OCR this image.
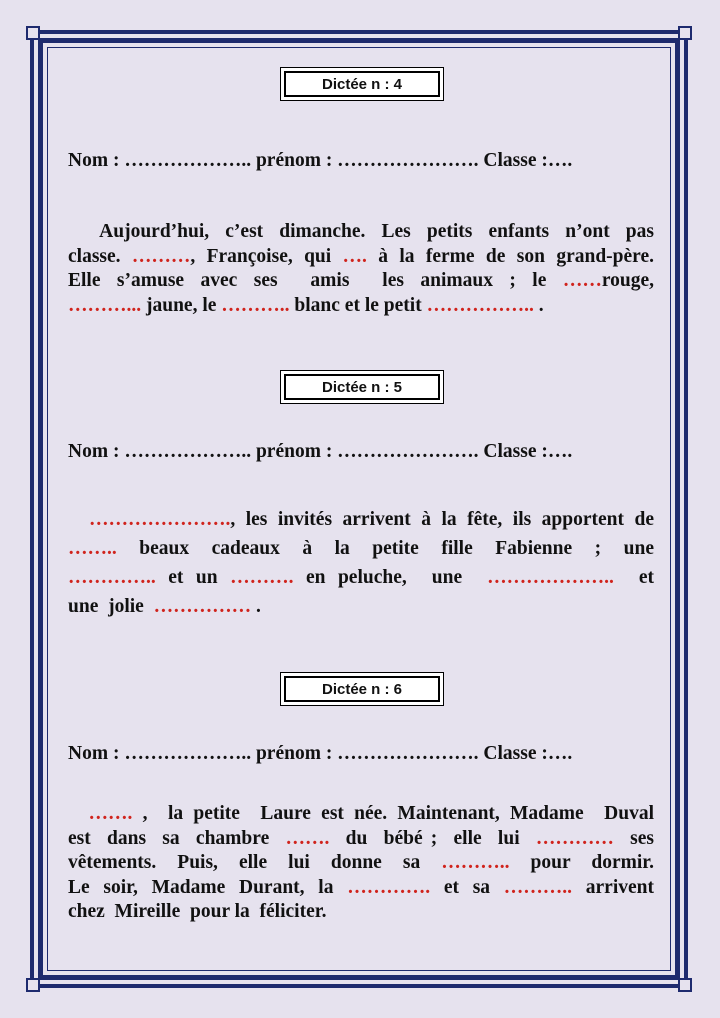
Dictée n : 4
Nom : ……………….. prénom : …………………. Classe :….
Aujourd’hui, c’est dimanche. Les petits enfants n’ont pas
classe. ………, Françoise, qui …. à la ferme de son grand-père.
Elle s’amuse avec ses  amis  les animaux ; le ……rouge,
………... jaune, le ……….. blanc et le petit …………….. .
Dictée n : 5
Nom : ……………….. prénom : …………………. Classe :….
…………………., les invités arrivent à la fête, ils apportent de
……..  beaux  cadeaux  à  la  petite  fille  Fabienne  ;  une
………….. et un ………. en peluche,  une  ………………..  et
une  jolie  …………… .
Dictée n : 6
Nom : ……………….. prénom : …………………. Classe :….
……. ,  la petite  Laure est née. Maintenant, Madame  Duval
est  dans  sa  chambre  …….  du  bébé ;  elle  lui  …………  ses
vêtements. Puis, elle lui donne sa ……….. pour dormir.
Le soir, Madame Durant, la …………. et sa ……….. arrivent
chez  Mireille  pour la  féliciter.
